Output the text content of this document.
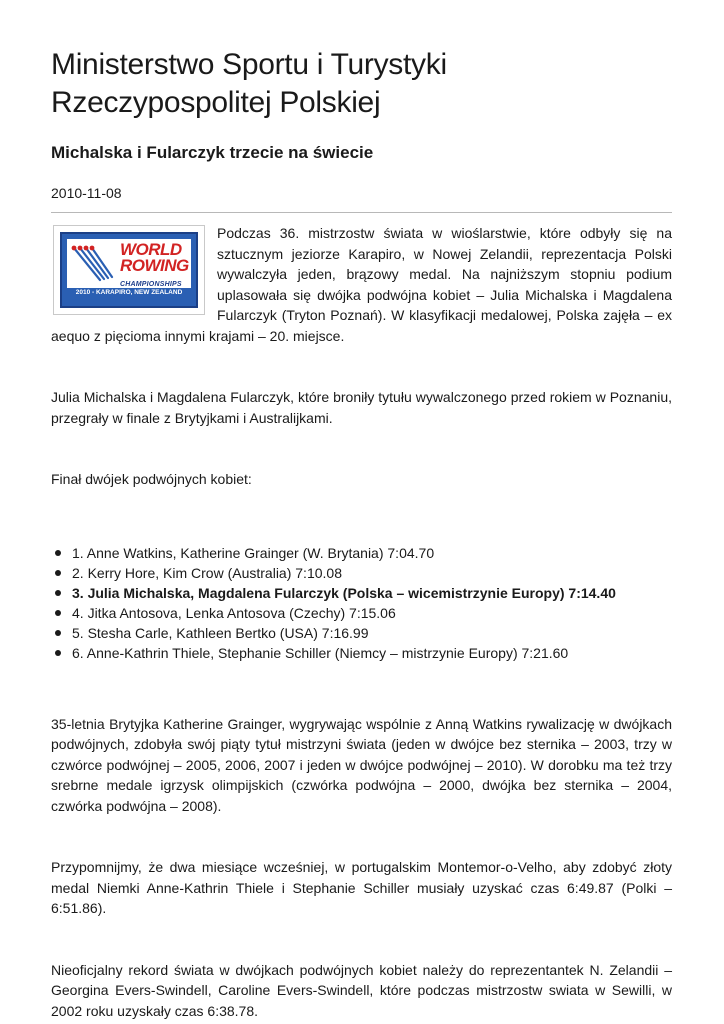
Ministerstwo Sportu i Turystyki
Rzeczypospolitej Polskiej
Michalska i Fularczyk trzecie na świecie
2010-11-08
WORLD
ROWING
CHAMPIONSHIPS
2010 - KARAPIRO, NEW ZEALAND

Podczas 36. mistrzostw świata w wioślarstwie, które odbyły się na sztucznym jeziorze Karapiro, w Nowej Zelandii, reprezentacja Polski wywalczyła jeden, brązowy medal. Na najniższym stopniu podium uplasowała się dwójka podwójna kobiet – Julia Michalska i Magdalena Fularczyk (Tryton Poznań). W klasyfikacji medalowej, Polska zajęła – ex aequo z pięcioma innymi krajami – 20. miejsce.

Julia Michalska i Magdalena Fularczyk, które broniły tytułu wywalczonego przed rokiem w Poznaniu, przegrały w finale z Brytyjkami i Australijkami.

Finał dwójek podwójnych kobiet:

1. Anne Watkins, Katherine Grainger (W. Brytania) 7:04.70
2. Kerry Hore, Kim Crow (Australia) 7:10.08
3. Julia Michalska, Magdalena Fularczyk (Polska – wicemistrzynie Europy) 7:14.40
4. Jitka Antosova, Lenka Antosova (Czechy) 7:15.06
5. Stesha Carle, Kathleen Bertko (USA) 7:16.99
6. Anne-Kathrin Thiele, Stephanie Schiller (Niemcy – mistrzynie Europy) 7:21.60

35-letnia Brytyjka Katherine Grainger, wygrywając wspólnie z Anną Watkins rywalizację w dwójkach podwójnych, zdobyła swój piąty tytuł mistrzyni świata (jeden w dwójce bez sternika – 2003, trzy w czwórce podwójnej – 2005, 2006, 2007 i jeden w dwójce podwójnej – 2010). W dorobku ma też trzy srebrne medale igrzysk olimpijskich (czwórka podwójna – 2000, dwójka bez sternika – 2004, czwórka podwójna – 2008).

Przypomnijmy, że dwa miesiące wcześniej, w portugalskim Montemor-o-Velho, aby zdobyć złoty medal Niemki Anne-Kathrin Thiele i Stephanie Schiller musiały uzyskać czas 6:49.87 (Polki – 6:51.86).

Nieoficjalny rekord świata w dwójkach podwójnych kobiet należy do reprezentantek N. Zelandii – Georgina Evers-Swindell, Caroline Evers-Swindell, które podczas mistrzostw swiata w Sewilli, w 2002 roku uzyskały czas 6:38.78.
